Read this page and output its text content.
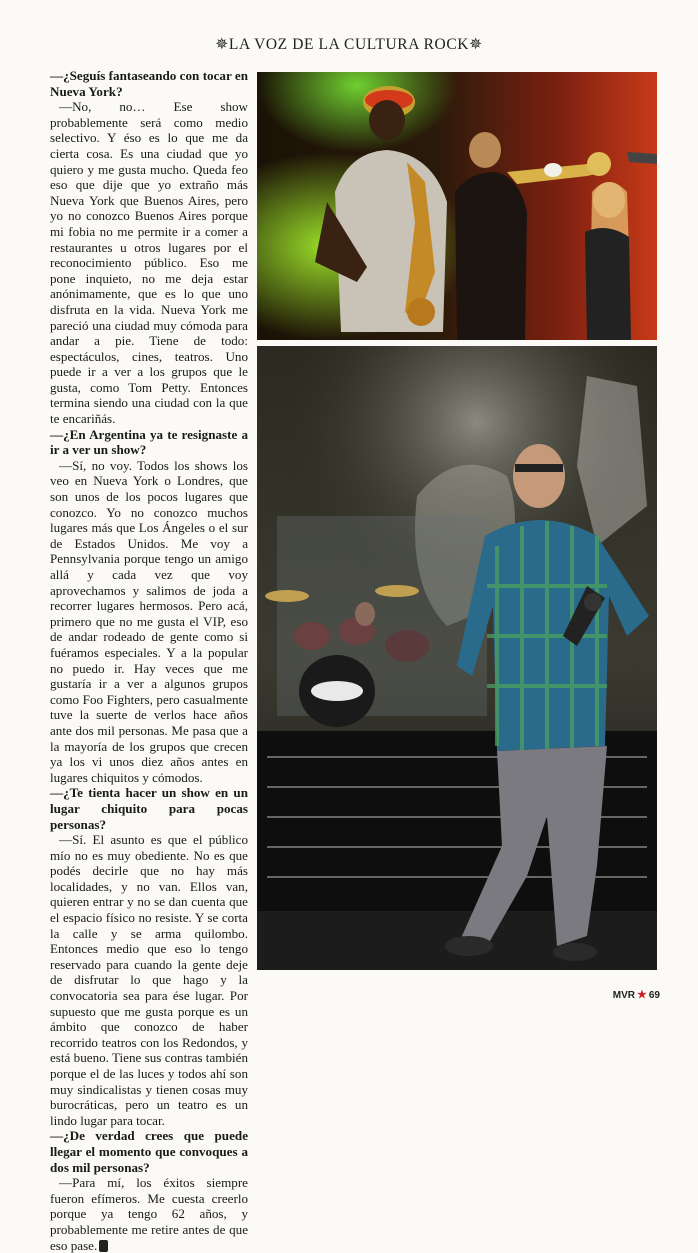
✵LA VOZ DE LA CULTURA ROCK✵

—¿Seguís fantaseando con tocar en Nueva York?

—No, no… Ese show probablemente será como medio selectivo. Y éso es lo que me da cierta cosa. Es una ciudad que yo quiero y me gusta mucho. Queda feo eso que dije que yo extraño más Nueva York que Buenos Aires, pero yo no conozco Buenos Aires porque mi fobia no me permite ir a comer a restaurantes u otros lugares por el reconocimiento público. Eso me pone inquieto, no me deja estar anónimamente, que es lo que uno disfruta en la vida. Nueva York me pareció una ciudad muy cómoda para andar a pie. Tiene de todo: espectáculos, cines, teatros. Uno puede ir a ver a los grupos que le gusta, como Tom Petty. Entonces termina siendo una ciudad con la que te encariñás.

—¿En Argentina ya te resignaste a ir a ver un show?

—Sí, no voy. Todos los shows los veo en Nueva York o Londres, que son unos de los pocos lugares que conozco. Yo no conozco muchos lugares más que Los Ángeles o el sur de Estados Unidos. Me voy a Pennsylvania porque tengo un amigo allá y cada vez que voy aprovechamos y salimos de joda a recorrer lugares hermosos. Pero acá, primero que no me gusta el VIP, eso de andar rodeado de gente como si fuéramos especiales. Y a la popular no puedo ir. Hay veces que me gustaría ir a ver a algunos grupos como Foo Fighters, pero casualmente tuve la suerte de verlos hace años ante dos mil personas. Me pasa que a la mayoría de los grupos que crecen ya los vi unos diez años antes en lugares chiquitos y cómodos.

—¿Te tienta hacer un show en un lugar chiquito para pocas personas?

—Sí. El asunto es que el público mío no es muy obediente. No es que podés decirle que no hay más localidades, y no van. Ellos van, quieren entrar y no se dan cuenta que el espacio físico no resiste. Y se corta la calle y se arma quilombo. Entonces medio que eso lo tengo reservado para cuando la gente deje de disfrutar lo que hago y la convocatoria sea para ése lugar. Por supuesto que me gusta porque es un ámbito que conozco de haber recorrido teatros con los Redondos, y está bueno. Tiene sus contras también porque el de las luces y todos ahí son muy sindicalistas y tienen cosas muy burocráticas, pero un teatro es un lindo lugar para tocar.

—¿De verdad crees que puede llegar el momento que convoques a dos mil personas?

—Para mí, los éxitos siempre fueron efímeros. Me cuesta creerlo porque ya tengo 62 años, y probablemente me retire antes de que eso pase.

MVR ★ 69
